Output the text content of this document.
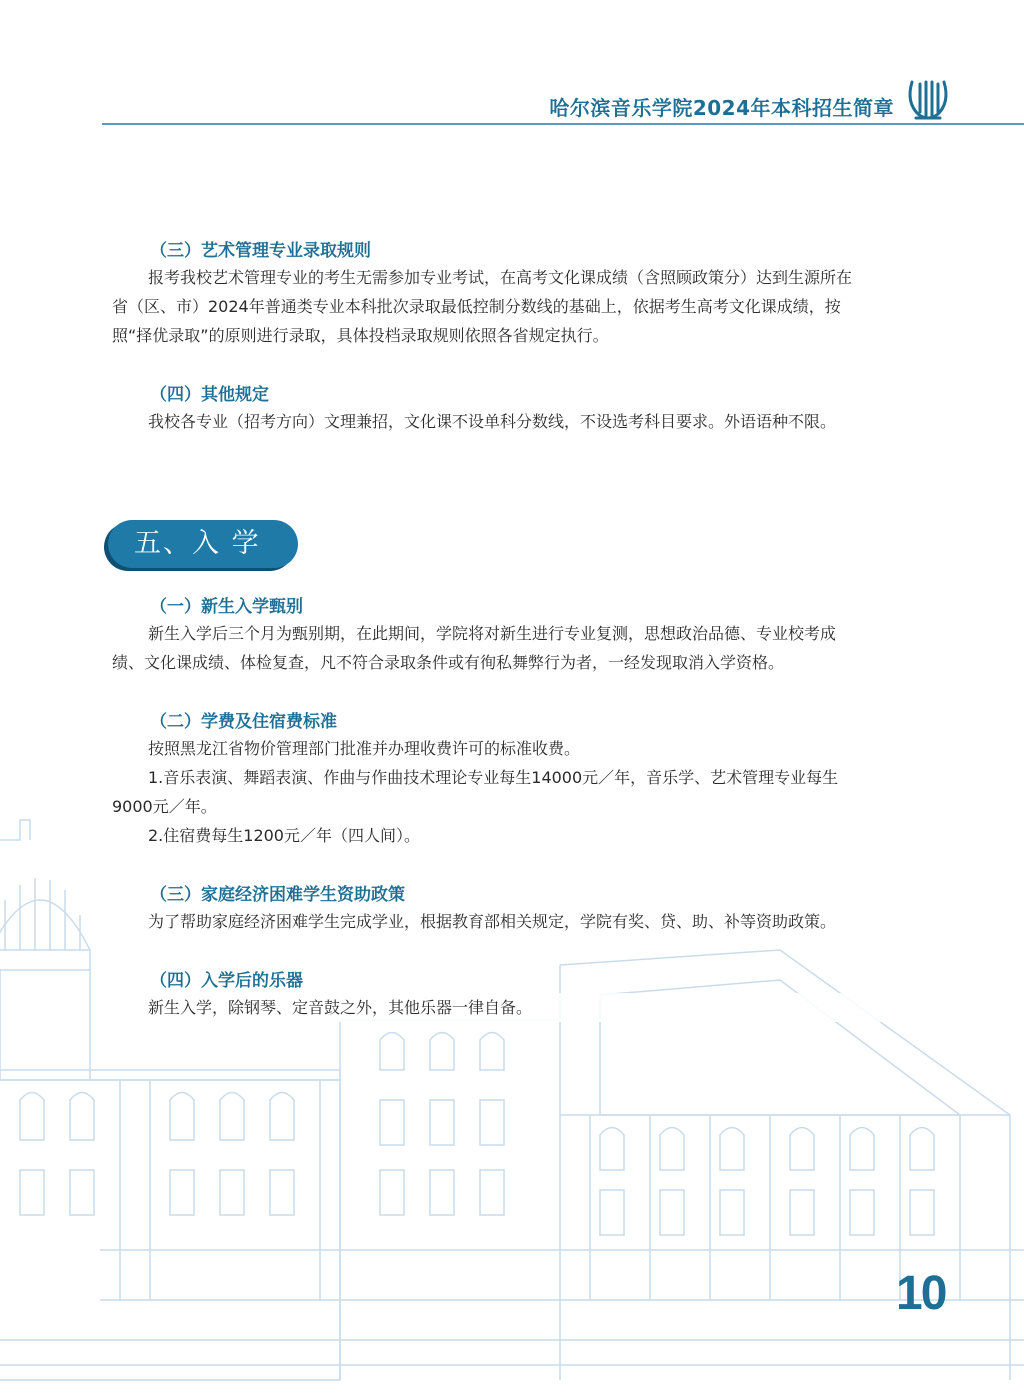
哈尔滨音乐学院2024年本科招生简章
（三）艺术管理专业录取规则
报考我校艺术管理专业的考生无需参加专业考试，在高考文化课成绩（含照顾政策分）达到生源所在
省（区、市）2024年普通类专业本科批次录取最低控制分数线的基础上，依据考生高考文化课成绩，按
照“择优录取”的原则进行录取，具体投档录取规则依照各省规定执行。
（四）其他规定
我校各专业（招考方向）文理兼招，文化课不设单科分数线，不设选考科目要求。外语语种不限。
五、入 学
（一）新生入学甄别
新生入学后三个月为甄别期，在此期间，学院将对新生进行专业复测，思想政治品德、专业校考成
绩、文化课成绩、体检复查，凡不符合录取条件或有徇私舞弊行为者，一经发现取消入学资格。
（二）学费及住宿费标准
按照黑龙江省物价管理部门批准并办理收费许可的标准收费。
1.音乐表演、舞蹈表演、作曲与作曲技术理论专业每生14000元／年，音乐学、艺术管理专业每生
9000元／年。
2.住宿费每生1200元／年（四人间）。
（三）家庭经济困难学生资助政策
为了帮助家庭经济困难学生完成学业，根据教育部相关规定，学院有奖、贷、助、补等资助政策。
（四）入学后的乐器
新生入学，除钢琴、定音鼓之外，其他乐器一律自备。
10
